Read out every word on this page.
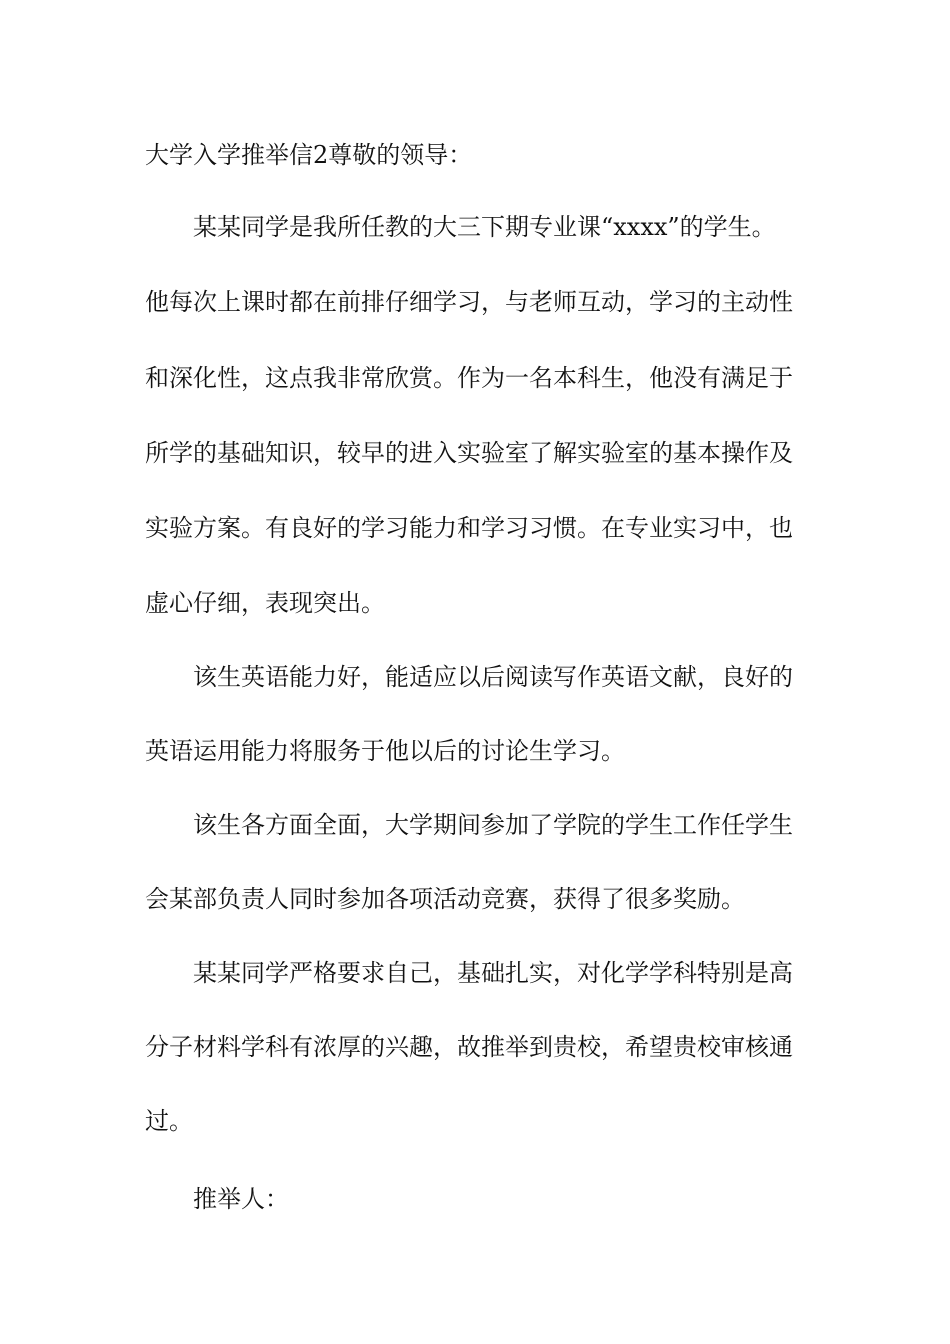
大学入学推举信2尊敬的领导：
某某同学是我所任教的大三下期专业课“xxxx”的学生。
他每次上课时都在前排仔细学习，与老师互动，学习的主动性
和深化性，这点我非常欣赏。作为一名本科生，他没有满足于
所学的基础知识，较早的进入实验室了解实验室的基本操作及
实验方案。有良好的学习能力和学习习惯。在专业实习中，也
虚心仔细，表现突出。
该生英语能力好，能适应以后阅读写作英语文献，良好的
英语运用能力将服务于他以后的讨论生学习。
该生各方面全面，大学期间参加了学院的学生工作任学生
会某部负责人同时参加各项活动竞赛，获得了很多奖励。
某某同学严格要求自己，基础扎实，对化学学科特别是高
分子材料学科有浓厚的兴趣，故推举到贵校，希望贵校审核通
过。
推举人：
